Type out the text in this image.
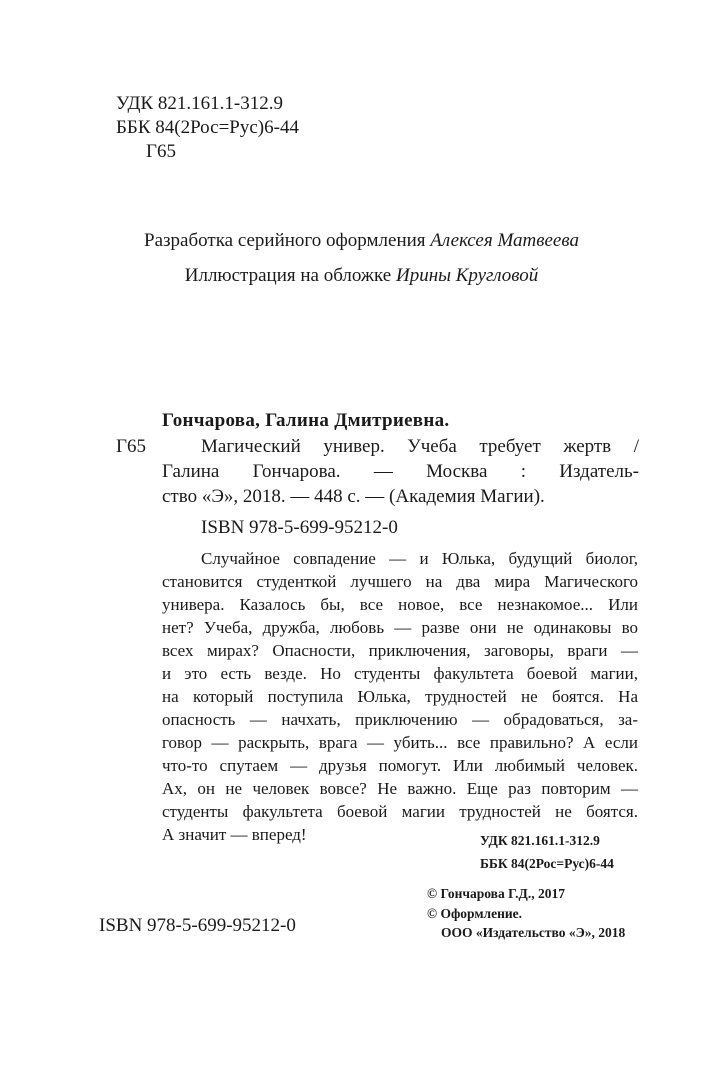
УДК 821.161.1-312.9
ББК 84(2Рос=Рус)6-44
Г65
Разработка серийного оформления Алексея Матвеева
Иллюстрация на обложке Ирины Кругловой
Гончарова, Галина Дмитриевна.
Г65	Магический универ. Учеба требует жертв /
Галина Гончарова. — Москва : Издатель-
ство «Э», 2018. — 448 с. — (Академия Магии).
ISBN 978-5-699-95212-0
Случайное совпадение — и Юлька, будущий биолог,
становится студенткой лучшего на два мира Магического
универа. Казалось бы, все новое, все незнакомое... Или
нет? Учеба, дружба, любовь — разве они не одинаковы во
всех мирах? Опасности, приключения, заговоры, враги —
и это есть везде. Но студенты факультета боевой магии,
на который поступила Юлька, трудностей не боятся. На
опасность — начхать, приключению — обрадоваться, за-
говор — раскрыть, врага — убить... все правильно? А если
что-то спутаем — друзья помогут. Или любимый человек.
Ах, он не человек вовсе? Не важно. Еще раз повторим —
студенты факультета боевой магии трудностей не боятся.
А значит — вперед!	УДК 821.161.1-312.9
ББК 84(2Рос=Рус)6-44
ISBN 978-5-699-95212-0
© Гончарова Г.Д., 2017
© Оформление.
ООО «Издательство «Э», 2018
